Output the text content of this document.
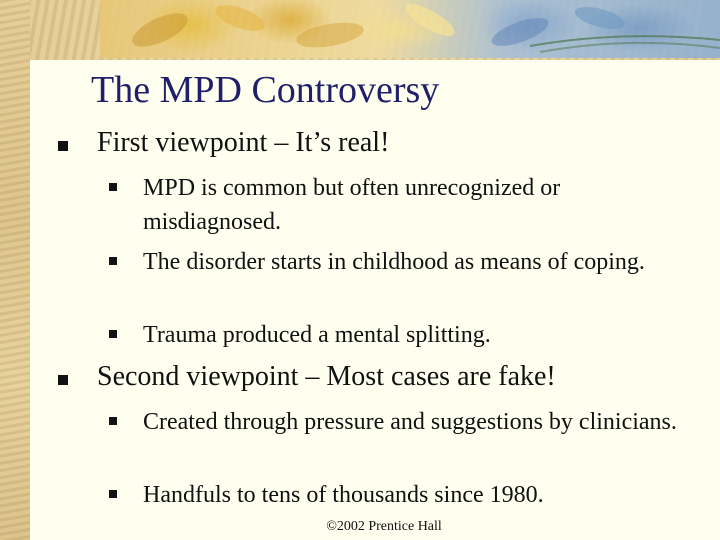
The MPD Controversy
First viewpoint – It’s real!
MPD is common but often unrecognized or misdiagnosed.
The disorder starts in childhood as means of coping.
Trauma produced a mental splitting.
Second viewpoint – Most cases are fake!
Created through pressure and suggestions by clinicians.
Handfuls to tens of thousands since 1980.
©2002 Prentice Hall
